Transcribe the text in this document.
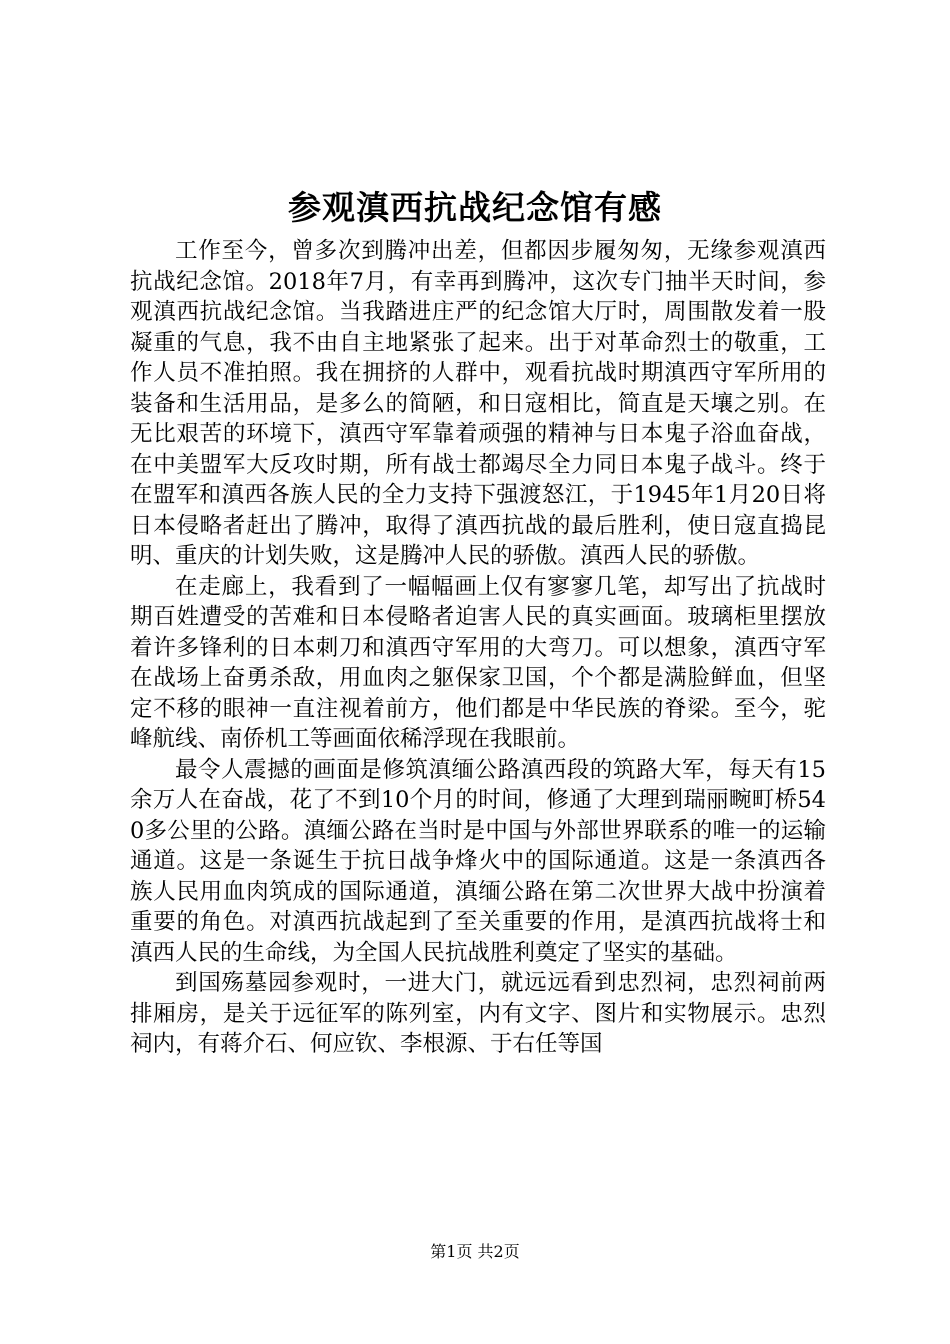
参观滇西抗战纪念馆有感

工作至今，曾多次到腾冲出差，但都因步履匆匆，无缘参观滇西抗战纪念馆。2018年7月，有幸再到腾冲，这次专门抽半天时间，参观滇西抗战纪念馆。当我踏进庄严的纪念馆大厅时，周围散发着一股凝重的气息，我不由自主地紧张了起来。出于对革命烈士的敬重，工作人员不准拍照。我在拥挤的人群中，观看抗战时期滇西守军所用的装备和生活用品，是多么的简陋，和日寇相比，简直是天壤之别。在无比艰苦的环境下，滇西守军靠着顽强的精神与日本鬼子浴血奋战，在中美盟军大反攻时期，所有战士都竭尽全力同日本鬼子战斗。终于在盟军和滇西各族人民的全力支持下强渡怒江，于1945年1月20日将日本侵略者赶出了腾冲，取得了滇西抗战的最后胜利，使日寇直捣昆明、重庆的计划失败，这是腾冲人民的骄傲。滇西人民的骄傲。

在走廊上，我看到了一幅幅画上仅有寥寥几笔，却写出了抗战时期百姓遭受的苦难和日本侵略者迫害人民的真实画面。玻璃柜里摆放着许多锋利的日本刺刀和滇西守军用的大弯刀。可以想象，滇西守军在战场上奋勇杀敌，用血肉之躯保家卫国，个个都是满脸鲜血，但坚定不移的眼神一直注视着前方，他们都是中华民族的脊梁。至今，驼峰航线、南侨机工等画面依稀浮现在我眼前。

最令人震撼的画面是修筑滇缅公路滇西段的筑路大军，每天有15余万人在奋战，花了不到10个月的时间，修通了大理到瑞丽畹町桥540多公里的公路。滇缅公路在当时是中国与外部世界联系的唯一的运输通道。这是一条诞生于抗日战争烽火中的国际通道。这是一条滇西各族人民用血肉筑成的国际通道，滇缅公路在第二次世界大战中扮演着重要的角色。对滇西抗战起到了至关重要的作用，是滇西抗战将士和滇西人民的生命线，为全国人民抗战胜利奠定了坚实的基础。

到国殇墓园参观时，一进大门，就远远看到忠烈祠，忠烈祠前两排厢房，是关于远征军的陈列室，内有文字、图片和实物展示。忠烈祠内，有蒋介石、何应钦、李根源、于右任等国

第1页 共2页
